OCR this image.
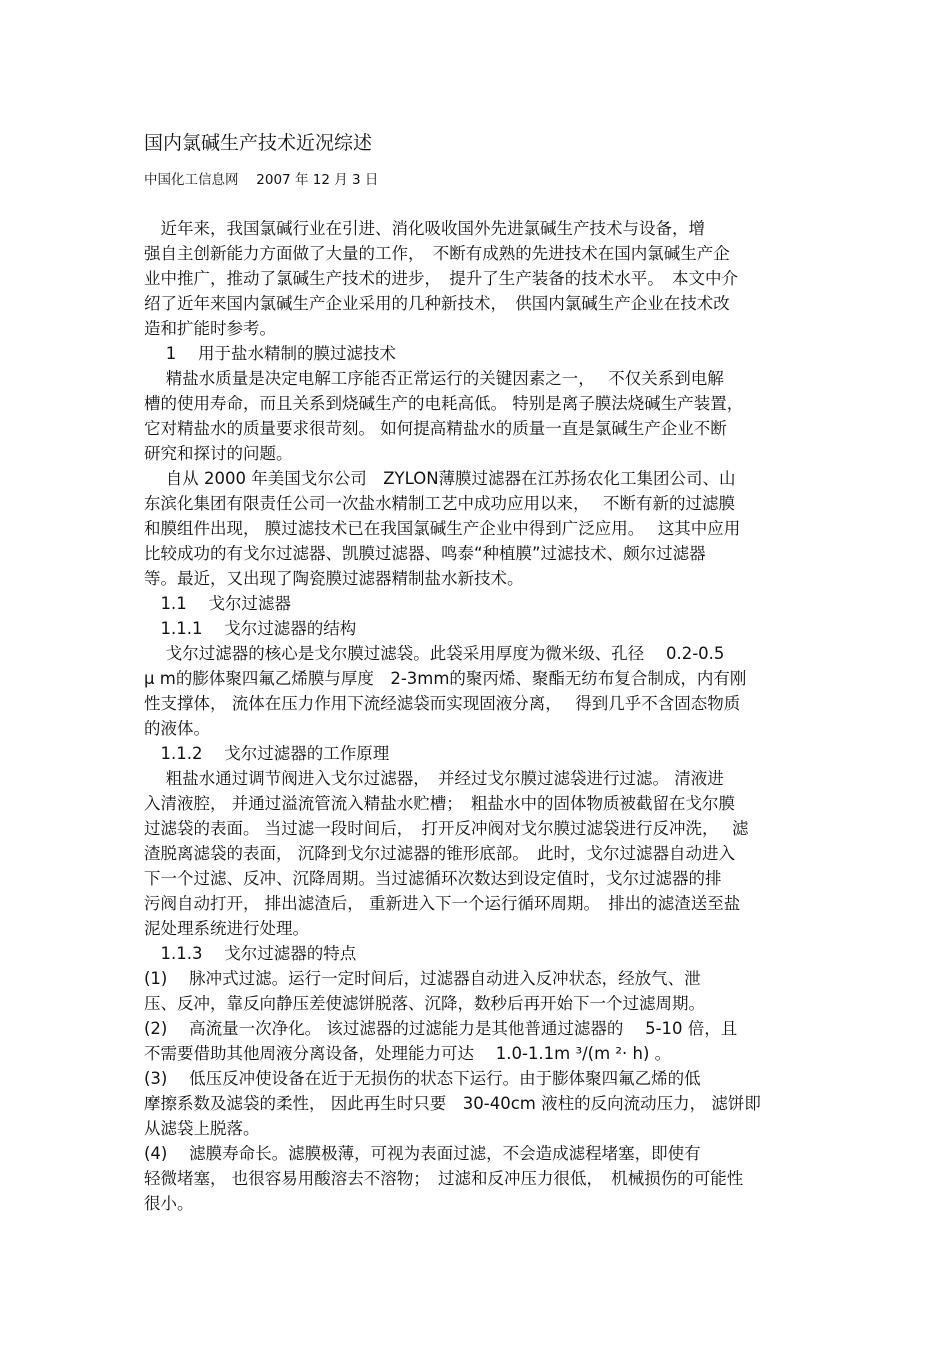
国内氯碱生产技术近况综述
中国化工信息网　 2007 年 12 月 3 日
　近年来，我国氯碱行业在引进、消化吸收国外先进氯碱生产技术与设备，增
强自主创新能力方面做了大量的工作，　不断有成熟的先进技术在国内氯碱生产企
业中推广，推动了氯碱生产技术的进步，　提升了生产装备的技术水平。　本文中介
绍了近年来国内氯碱生产企业采用的几种新技术，　供国内氯碱生产企业在技术改
造和扩能时参考。
　 1　 用于盐水精制的膜过滤技术
　 精盐水质量是决定电解工序能否正常运行的关键因素之一，　 不仅关系到电解
槽的使用寿命，而且关系到烧碱生产的电耗高低。 特别是离子膜法烧碱生产装置，
它对精盐水的质量要求很苛刻。 如何提高精盐水的质量一直是氯碱生产企业不断
研究和探讨的问题。
　 自从 2000 年美国戈尔公司　ZYLON薄膜过滤器在江苏扬农化工集团公司、山
东滨化集团有限责任公司一次盐水精制工艺中成功应用以来，　 不断有新的过滤膜
和膜组件出现， 膜过滤技术已在我国氯碱生产企业中得到广泛应用。　 这其中应用
比较成功的有戈尔过滤器、凯膜过滤器、鸣泰“种植膜”过滤技术、颇尔过滤器
等。最近，又出现了陶瓷膜过滤器精制盐水新技术。
　1.1　 戈尔过滤器
　1.1.1　 戈尔过滤器的结构
　 戈尔过滤器的核心是戈尔膜过滤袋。此袋采用厚度为微米级、孔径　 0.2-0.5
μ m的膨体聚四氟乙烯膜与厚度　2-3mm的聚丙烯、聚酯无纺布复合制成，内有刚
性支撑体， 流体在压力作用下流经滤袋而实现固液分离，　 得到几乎不含固态物质
的液体。
　1.1.2　 戈尔过滤器的工作原理
　 粗盐水通过调节阀进入戈尔过滤器，　并经过戈尔膜过滤袋进行过滤。 清液进
入清液腔， 并通过溢流管流入精盐水贮槽；　粗盐水中的固体物质被截留在戈尔膜
过滤袋的表面。 当过滤一段时间后，　打开反冲阀对戈尔膜过滤袋进行反冲洗，　 滤
渣脱离滤袋的表面， 沉降到戈尔过滤器的锥形底部。　此时，戈尔过滤器自动进入
下一个过滤、反冲、沉降周期。当过滤循环次数达到设定值时，戈尔过滤器的排
污阀自动打开， 排出滤渣后， 重新进入下一个运行循环周期。　排出的滤渣送至盐
泥处理系统进行处理。
　1.1.3　 戈尔过滤器的特点
(1)　 脉冲式过滤。运行一定时间后，过滤器自动进入反冲状态，经放气、泄
压、反冲，靠反向静压差使滤饼脱落、沉降，数秒后再开始下一个过滤周期。
(2)　 高流量一次净化。 该过滤器的过滤能力是其他普通过滤器的　 5-10 倍，且
不需要借助其他周液分离设备，处理能力可达　 1.0-1.1m ³/(m ²· h) 。
(3)　 低压反冲使设备在近于无损伤的状态下运行。由于膨体聚四氟乙烯的低
摩擦系数及滤袋的柔性， 因此再生时只要　30-40cm 液柱的反向流动压力， 滤饼即
从滤袋上脱落。
(4)　 滤膜寿命长。滤膜极薄，可视为表面过滤，不会造成滤程堵塞，即使有
轻微堵塞， 也很容易用酸溶去不溶物；　过滤和反冲压力很低，　机械损伤的可能性
很小。
